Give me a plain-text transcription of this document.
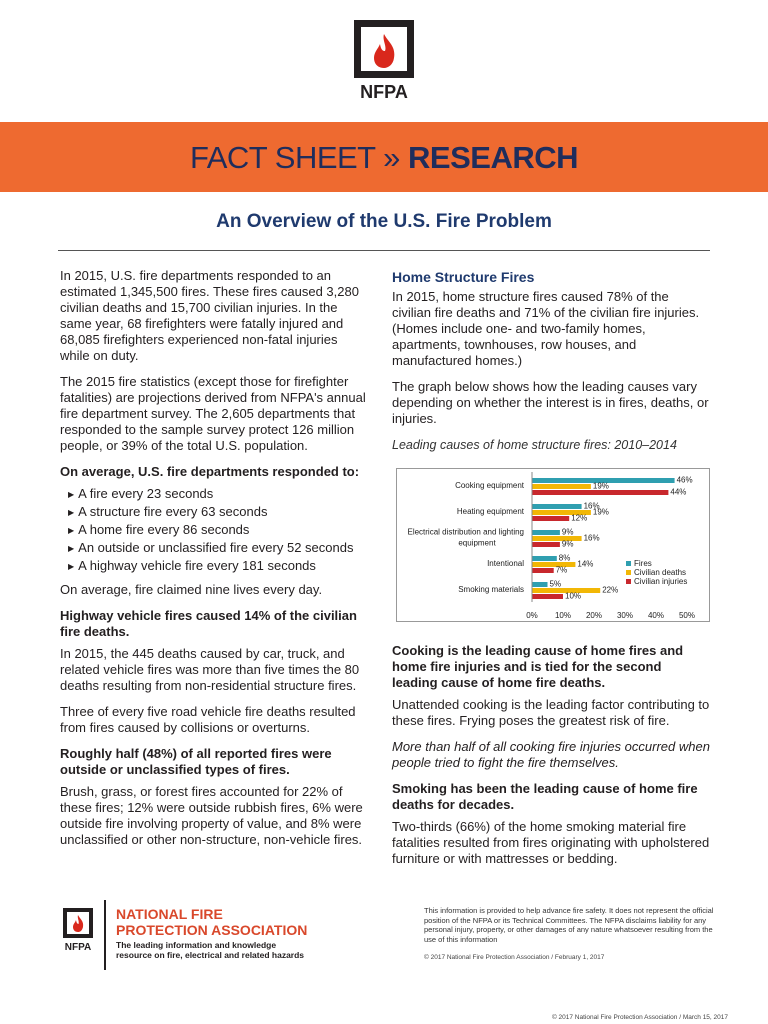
NFPA
FACT SHEET » RESEARCH
An Overview of the U.S. Fire Problem

In 2015, U.S. fire departments responded to an estimated 1,345,500 fires. These fires caused 3,280 civilian deaths and 15,700 civilian injuries. In the same year, 68 firefighters were fatally injured and 68,085 firefighters experienced non-fatal injuries while on duty.

The 2015 fire statistics (except those for firefighter fatalities) are projections derived from NFPA's annual fire department survey. The 2,605 departments that responded to the sample survey protect 126 million people, or 39% of the total U.S. population.

On average, U.S. fire departments responded to:
▶ A fire every 23 seconds
▶ A structure fire every 63 seconds
▶ A home fire every 86 seconds
▶ An outside or unclassified fire every 52 seconds
▶ A highway vehicle fire every 181 seconds

On average, fire claimed nine lives every day.

Highway vehicle fires caused 14% of the civilian fire deaths.

In 2015, the 445 deaths caused by car, truck, and related vehicle fires was more than five times the 80 deaths resulting from non-residential structure fires.

Three of every five road vehicle fire deaths resulted from fires caused by collisions or overturns.

Roughly half (48%) of all reported fires were outside or unclassified types of fires.

Brush, grass, or forest fires accounted for 22% of these fires; 12% were outside rubbish fires, 6% were outside fire involving property of value, and 8% were unclassified or other non-structure, non-vehicle fires.

Home Structure Fires

In 2015, home structure fires caused 78% of the civilian fire deaths and 71% of the civilian fire injuries. (Homes include one- and two-family homes, apartments, townhouses, row houses, and manufactured homes.)

The graph below shows how the leading causes vary depending on whether the interest is in fires, deaths, or injuries.

Leading causes of home structure fires: 2010–2014
Cooking equipment
46%
19%
44%
Heating equipment
16%
19%
12%
Electrical distribution and lighting
equipment
9%
16%
9%
Intentional
8%
14%
7%
Smoking materials
5%
22%
10%
0% 10% 20% 30% 40% 50%
Fires
Civilian deaths
Civilian injuries
Cooking is the leading cause of home fires and home fire injuries and is tied for the second leading cause of home fire deaths.

Unattended cooking is the leading factor contributing to these fires. Frying poses the greatest risk of fire.

More than half of all cooking fire injuries occurred when people tried to fight the fire themselves.

Smoking has been the leading cause of home fire deaths for decades.

Two-thirds (66%) of the home smoking material fire fatalities resulted from fires originating with upholstered furniture or with mattresses or bedding.

NFPA
NATIONAL FIRE
PROTECTION ASSOCIATION
The leading information and knowledge resource on fire, electrical and related hazards
This information is provided to help advance fire safety. It does not represent the official position of the NFPA or its Technical Committees. The NFPA disclaims liability for any personal injury, property, or other damages of any nature whatsoever resulting from the use of this information
© 2017 National Fire Protection Association / February 1, 2017
© 2017 National Fire Protection Association / March 15, 2017
